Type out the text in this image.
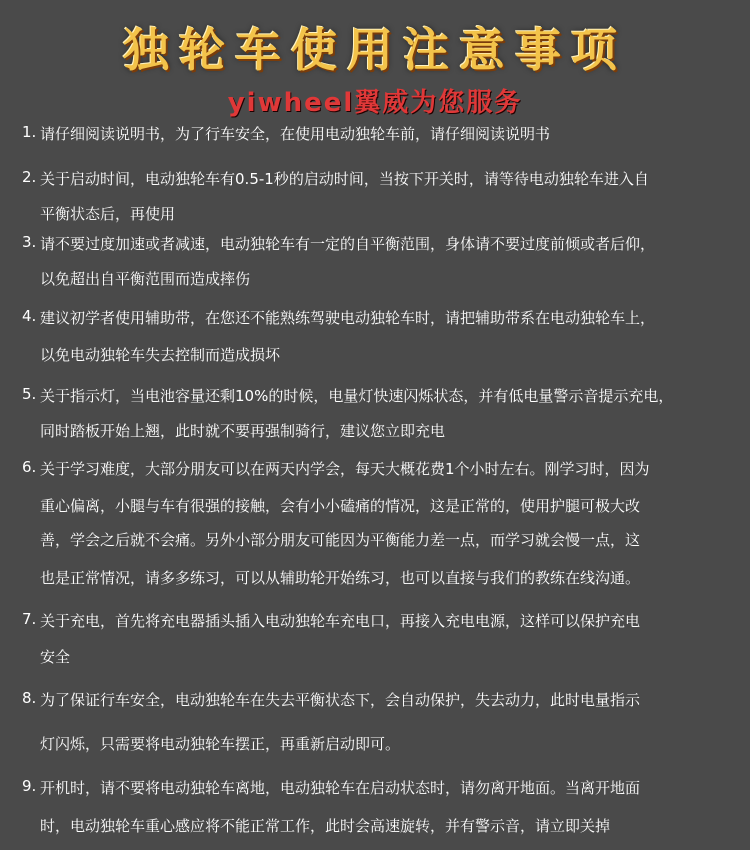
独轮车使用注意事项
yiwheel翼威为您服务
1. 请仔细阅读说明书，为了行车安全，在使用电动独轮车前，请仔细阅读说明书
2. 关于启动时间，电动独轮车有0.5-1秒的启动时间，当按下开关时，请等待电动独轮车进入自
平衡状态后，再使用
3. 请不要过度加速或者减速，电动独轮车有一定的自平衡范围，身体请不要过度前倾或者后仰，
以免超出自平衡范围而造成摔伤
4. 建议初学者使用辅助带，在您还不能熟练驾驶电动独轮车时，请把辅助带系在电动独轮车上，
以免电动独轮车失去控制而造成损坏
5. 关于指示灯，当电池容量还剩10%的时候，电量灯快速闪烁状态，并有低电量警示音提示充电，
同时踏板开始上翘，此时就不要再强制骑行，建议您立即充电
6. 关于学习难度，大部分朋友可以在两天内学会，每天大概花费1个小时左右。刚学习时，因为
重心偏离，小腿与车有很强的接触，会有小小磕痛的情况，这是正常的，使用护腿可极大改
善，学会之后就不会痛。另外小部分朋友可能因为平衡能力差一点，而学习就会慢一点，这
也是正常情况，请多多练习，可以从辅助轮开始练习，也可以直接与我们的教练在线沟通。
7. 关于充电，首先将充电器插头插入电动独轮车充电口，再接入充电电源，这样可以保护充电
安全
8. 为了保证行车安全，电动独轮车在失去平衡状态下，会自动保护，失去动力，此时电量指示
灯闪烁，只需要将电动独轮车摆正，再重新启动即可。
9. 开机时，请不要将电动独轮车离地，电动独轮车在启动状态时，请勿离开地面。当离开地面
时，电动独轮车重心感应将不能正常工作，此时会高速旋转，并有警示音，请立即关掉
